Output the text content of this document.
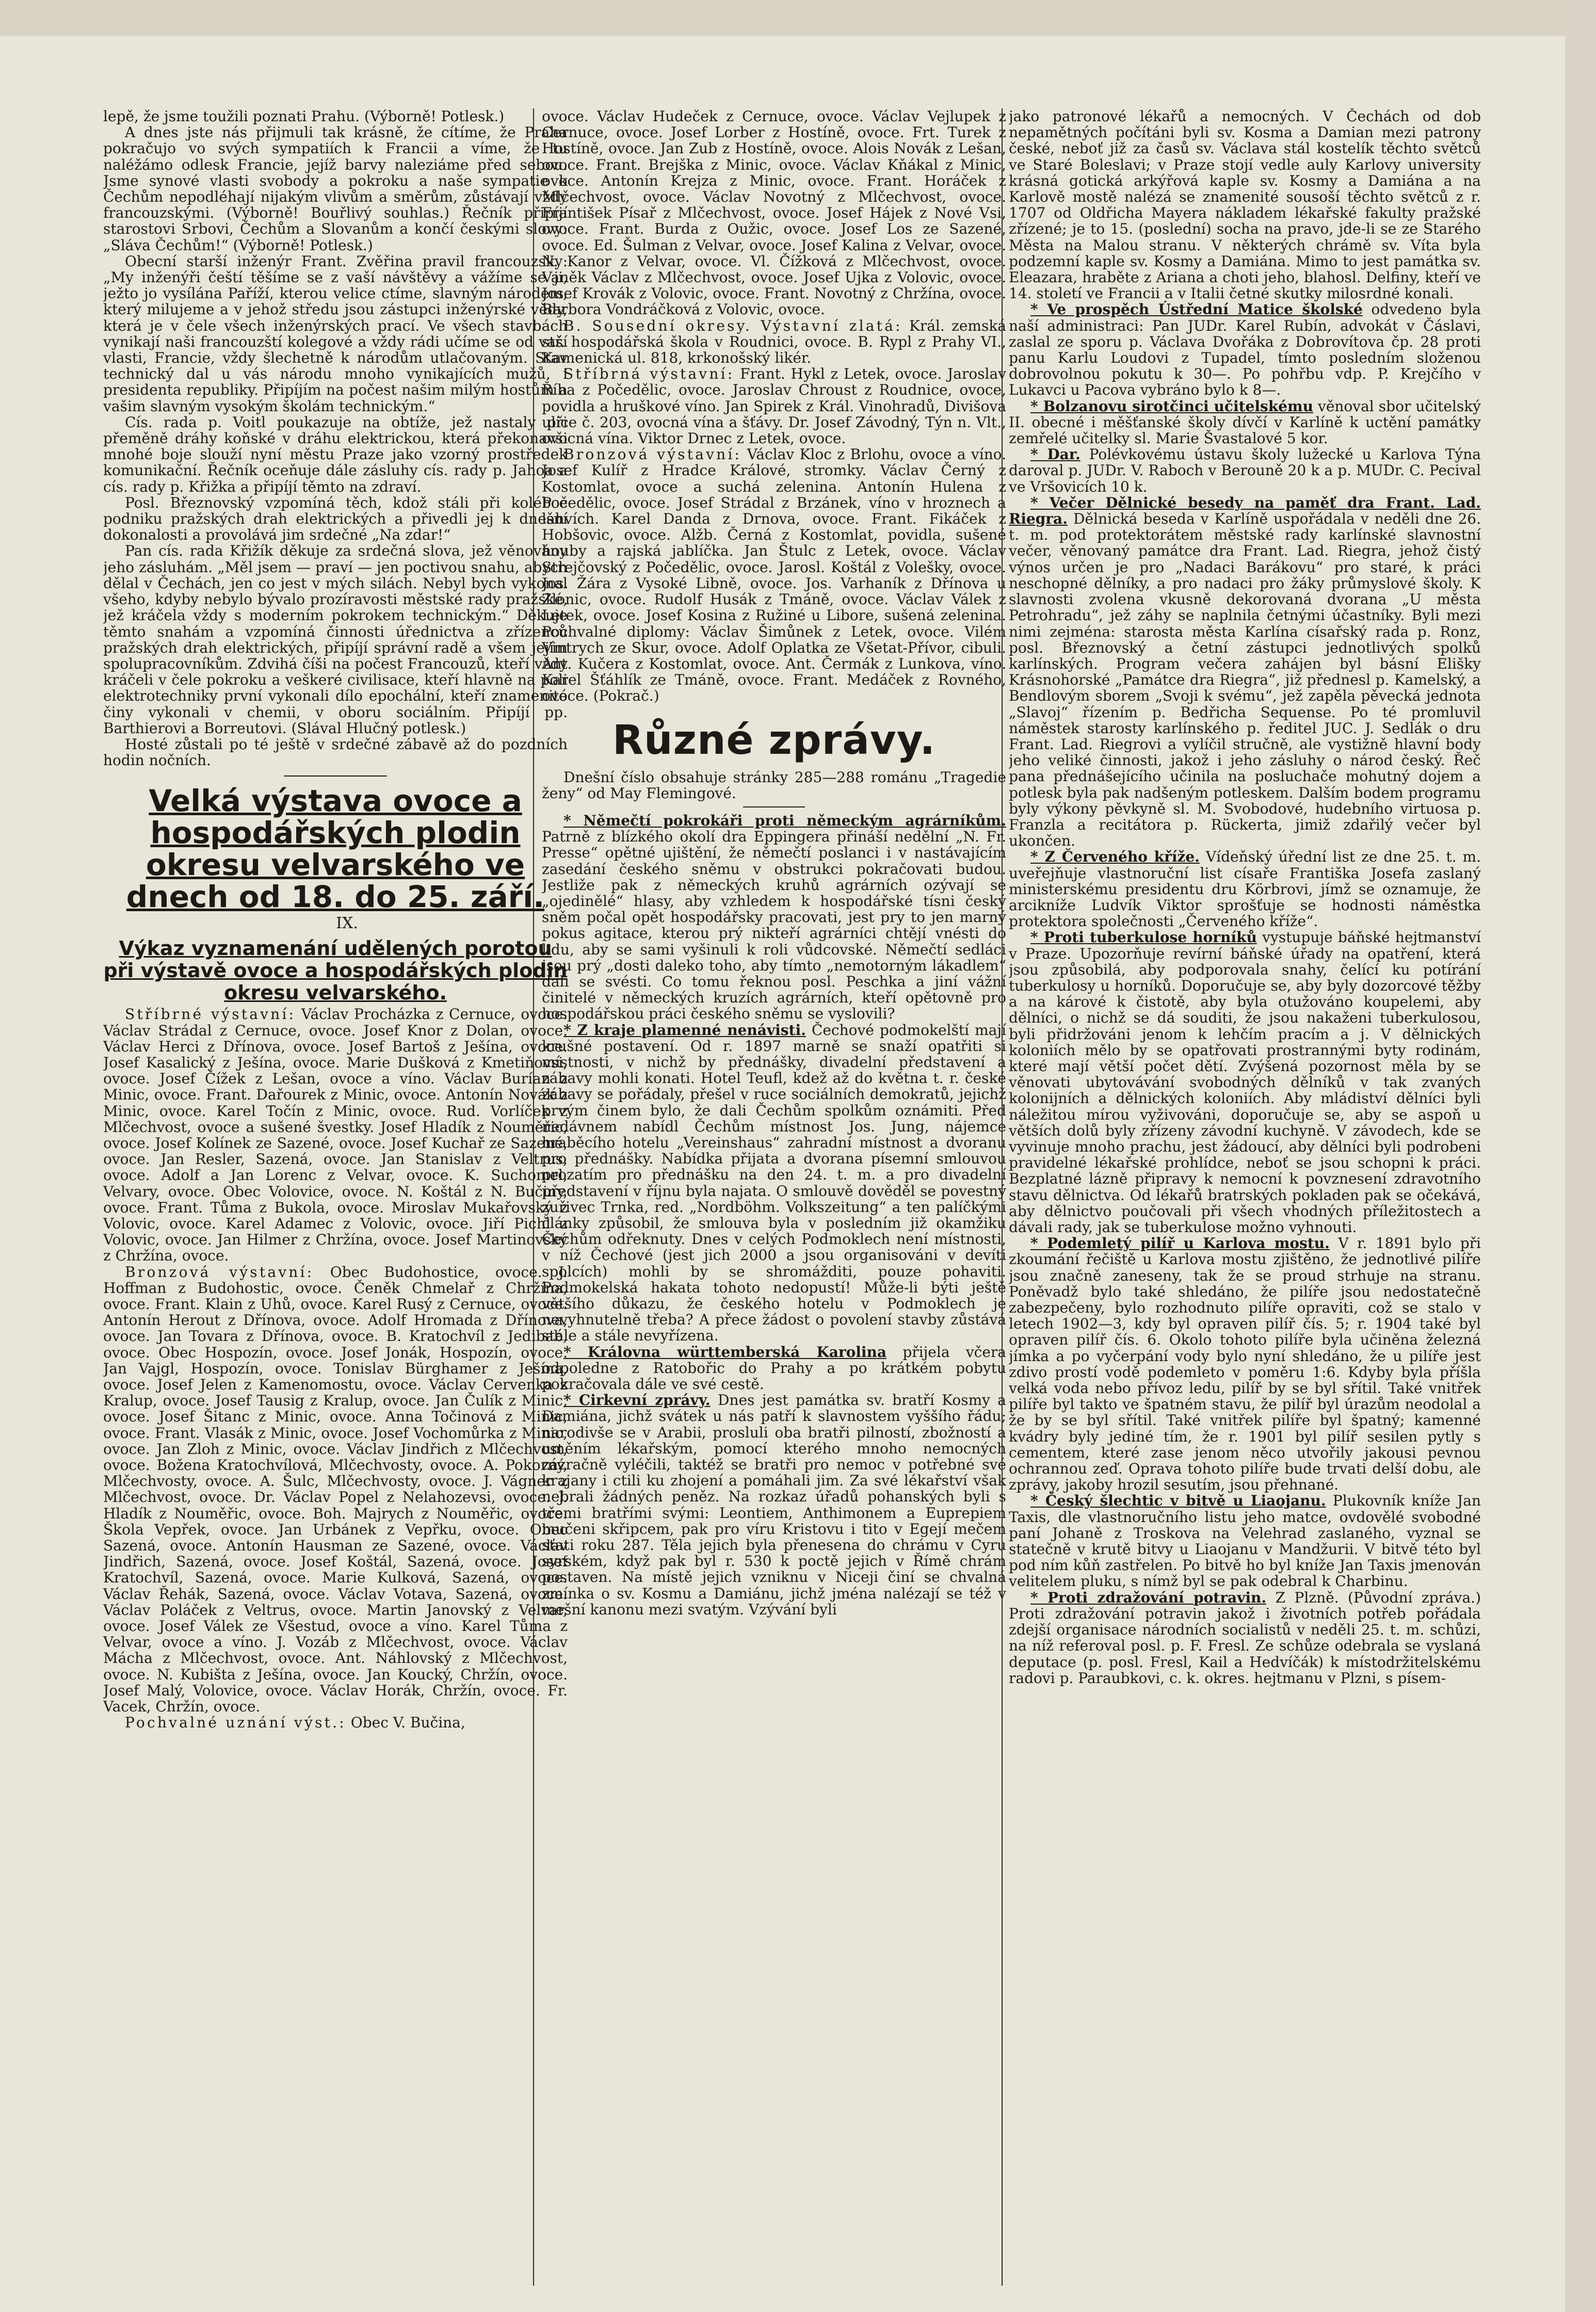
lepě, že jsme toužili poznati Prahu. (Výborně! Potlesk.)

A dnes jste nás přijmuli tak krásně, že cítíme, že Praha pokračujo vo svých sympatiích k Francii a víme, že tu naléžámo odlesk Francie, jejíž barvy naleziáme před sebou. Jsme synové vlasti svobody a pokroku a naše sympatie k Čechům nepodléhají nijakým vlivům a směrům, zůstávají vždy francouzskými. (Výborně! Bouřlivý souhlas.) Řečník připíjí starostovi Srbovi, Čechům a Slovanům a končí českými slovy: „Sláva Čechům!“ (Výborně! Potlesk.)

Obecní starší inženýr Frant. Zvěřina pravil francouzsky: „My inženýři čeští těšíme se z vaší návštěvy a vážíme se ji, ježto jo vysílána Paříží, kterou velice ctíme, slavným národem, který milujeme a v jehož středu jsou zástupci inženýrské vědy, která je v čele všech inženýrských prací. Ve všech stavbách vynikají naši francouzští kolegové a vždy rádi učíme se od vaší vlasti, Francie, vždy šlechetně k národům utlačovaným. Stav technický dal u vás národu mnoho vynikajících mužů, i presidenta republiky. Připíjím na počest našim milým hostům a vašim slavným vysokým školám technickým.“

Cís. rada p. Voitl poukazuje na obtíže, jež nastaly při přeměně dráhy koňské v dráhu elektrickou, která překonavši mnohé boje slouží nyní městu Praze jako vzorný prostředek komunikační. Řečník oceňuje dále zásluhy cís. rady p. Jahoa a cís. rady p. Křižka a připíjí těmto na zdraví.

Posl. Březnovský vzpomíná těch, kdož stáli při kolébce podniku pražských drah elektrických a přivedli jej k dnešní dokonalosti a provolává jim srdečné „Na zdar!“

Pan cís. rada Křižík děkuje za srdečná slova, jež věnovány jeho zásluhám. „Měl jsem — praví — jen poctivou snahu, abych dělal v Čechách, jen co jest v mých silách. Nebyl bych vykonal všeho, kdyby nebylo bývalo prozíravosti městské rady pražské, jež kráčela vždy s moderním pokrokem technickým.“ Děkuje těmto snahám a vzpomíná činnosti úřednictva a zřízenců pražských drah elektrických, připíjí správní radě a všem jejím spolupracovníkům. Zdvihá číši na počest Francouzů, kteří vždy kráčeli v čele pokroku a veškeré civilisace, kteří hlavně na poli elektrotechniky první vykonali dílo epochální, kteří znamenité činy vykonali v chemii, v oboru sociálním. Připíjí pp. Barthierovi a Borreutovi. (Slával Hlučný potlesk.)

Hosté zůstali po té ještě v srdečné zábavě až do pozdních hodin nočních.

Velká výstava ovoce a hospodářských plodin okresu velvarského ve dnech od 18. do 25. září.

IX.

Výkaz vyznamenání udělených porotou při výstavě ovoce a hospodářských plodin okresu velvarského.

Stříbrné výstavní: Václav Procházka z Cernuce, ovoce. Václav Strádal z Cernuce, ovoce. Josef Knor z Dolan, ovoce. Václav Herci z Dřínova, ovoce. Josef Bartoš z Ješína, ovoce. Josef Kasalický z Ješína, ovoce. Marie Dušková z Kmetiňovsi, ovoce. Josef Čížek z Lešan, ovoce a víno. Václav Burían z Minic, ovoce. Frant. Dařourek z Minic, ovoce. Antonín Novák z Minic, ovoce. Karel Točín z Minic, ovoce. Rud. Vorlíček z Mlčechvost, ovoce a sušené švestky. Josef Hladík z Nouměřic, ovoce. Josef Kolínek ze Sazené, ovoce. Josef Kuchař ze Sazené, ovoce. Jan Resler, Sazená, ovoce. Jan Stanislav z Veltrus, ovoce. Adolf a Jan Lorenc z Velvar, ovoce. K. Suchomel, Velvary, ovoce. Obec Volovice, ovoce. N. Koštál z N. Bučiny, ovoce. Frant. Tůma z Bukola, ovoce. Miroslav Mukařovský z Volovic, ovoce. Karel Adamec z Volovic, ovoce. Jiří Pichl z Volovic, ovoce. Jan Hilmer z Chržína, ovoce. Josef Martinovský z Chržína, ovoce.

Bronzová výstavní: Obec Budohostice, ovoce. J. Hoffman z Budohostic, ovoce. Čeněk Chmelař z Chržína, ovoce. Frant. Klain z Uhů, ovoce. Karel Rusý z Cernuce, ovoce. Antonín Herout z Dřínova, ovoce. Adolf Hromada z Dřínova, ovoce. Jan Tovara z Dřínova, ovoce. B. Kratochvíl z Jedibab, ovoce. Obec Hospozín, ovoce. Josef Jonák, Hospozín, ovoce. Jan Vajgl, Hospozín, ovoce. Tonislav Bürghamer z Ješína, ovoce. Josef Jelen z Kamenomostu, ovoce. Václav Cervenka z Kralup, ovoce. Josef Tausig z Kralup, ovoce. Jan Čulík z Minic, ovoce. Josef Šitanc z Minic, ovoce. Anna Točinová z Minic, ovoce. Frant. Vlasák z Minic, ovoce. Josef Vochomůrka z Minic, ovoce. Jan Zloh z Minic, ovoce. Václav Jindřich z Mlčechvost, ovoce. Božena Kratochvílová, Mlčechvosty, ovoce. A. Pokorný, Mlčechvosty, ovoce. A. Šulc, Mlčechvosty, ovoce. J. Vágner z Mlčechvost, ovoce. Dr. Václav Popel z Nelahozevsi, ovoce. J. Hladík z Nouměřic, ovoce. Boh. Majrych z Nouměřic, ovoce. Škola Vepřek, ovoce. Jan Urbánek z Vepřku, ovoce. Obec Sazená, ovoce. Antonín Hausman ze Sazené, ovoce. Václav Jindřich, Sazená, ovoce. Josef Koštál, Sazená, ovoce. Josef Kratochvíl, Sazená, ovoce. Marie Kulková, Sazená, ovoce. Václav Řehák, Sazená, ovoce. Václav Votava, Sazená, ovoce. Václav Poláček z Veltrus, ovoce. Martin Janovský z Velvar, ovoce. Josef Válek ze Všestud, ovoce a víno. Karel Tůma z Velvar, ovoce a víno. J. Vozáb z Mlčechvost, ovoce. Václav Mácha z Mlčechvost, ovoce. Ant. Náhlovský z Mlčechvost, ovoce. N. Kubišta z Ješína, ovoce. Jan Koucký, Chržín, ovoce. Josef Malý, Volovice, ovoce. Václav Horák, Chržín, ovoce. Fr. Vacek, Chržín, ovoce.

Pochvalné uznání výst.: Obec V. Bučina,

ovoce. Václav Hudeček z Cernuce, ovoce. Václav Vejlupek z Cernuce, ovoce. Josef Lorber z Hostíně, ovoce. Frt. Turek z Hostíně, ovoce. Jan Zub z Hostíně, ovoce. Alois Novák z Lešan, ovoce. Frant. Brejška z Minic, ovoce. Václav Kňákal z Minic, ovoce. Antonín Krejza z Minic, ovoce. Frant. Horáček z Mlčechvost, ovoce. Václav Novotný z Mlčechvost, ovoce. František Písař z Mlčechvost, ovoce. Josef Hájek z Nové Vsi, ovoce. Frant. Burda z Oužic, ovoce. Josef Los ze Sazené, ovoce. Ed. Šulman z Velvar, ovoce. Josef Kalina z Velvar, ovoce. N. Kanor z Velvar, ovoce. Vl. Čížková z Mlčechvost, ovoce. Vaněk Václav z Mlčechvost, ovoce. Josef Ujka z Volovic, ovoce. Josef Krovák z Volovic, ovoce. Frant. Novotný z Chržína, ovoce. Barbora Vondráčková z Volovic, ovoce.

B. Sousední okresy. Výstavní zlatá: Král. zemská stř. hospodářská škola v Roudnici, ovoce. B. Rypl z Prahy VI., Kamenická ul. 818, krkonošský likér.

Stříbrná výstavní: Frant. Hykl z Letek, ovoce. Jaroslav Říha z Počedělic, ovoce. Jaroslav Chroust z Roudnice, ovoce, povidla a hruškové víno. Jan Spirek z Král. Vinohradů, Divišova ulice č. 203, ovocná vína a šťávy. Dr. Josef Závodný, Týn n. Vlt., ovocná vína. Viktor Drnec z Letek, ovoce.

Bronzová výstavní: Václav Kloc z Brlohu, ovoce a víno. Josef Kulíř z Hradce Králové, stromky. Václav Černý z Kostomlat, ovoce a suchá zelenina. Antonín Hulena z Počedělic, ovoce. Josef Strádal z Brzánek, víno v hroznech a lahvích. Karel Danda z Drnova, ovoce. Frant. Fikáček z Hobšovic, ovoce. Alžb. Černá z Kostomlat, povidla, sušené houby a rajská jablíčka. Jan Štulc z Letek, ovoce. Václav Strejčovský z Počedělic, ovoce. Jarosl. Koštál z Volešky, ovoce. Jos. Žára z Vysoké Libně, ovoce. Jos. Varhaník z Dřínova u Zlonic, ovoce. Rudolf Husák z Tmáně, ovoce. Václav Válek z Letek, ovoce. Josef Kosina z Ružiné u Libore, sušená zelenina. Pochvalné diplomy: Václav Šimůnek z Letek, ovoce. Vilém Vintrych ze Skur, ovoce. Adolf Oplatka ze Všetat-Přívor, cibuli. Ant. Kučera z Kostomlat, ovoce. Ant. Čermák z Lunkova, víno. Karel Šťáhlík ze Tmáně, ovoce. Frant. Medáček z Rovného, ovoce. (Pokrač.)

Různé zprávy.

Dnešní číslo obsahuje stránky 285—288 románu „Tragedie ženy“ od May Flemingové.

* Němečtí pokrokáři proti německým agrárníkům. Patrně z blízkého okolí dra Eppingera přináší nedělní „N. Fr. Presse“ opětné ujištění, že němečtí poslanci i v nastávajícím zasedání českého sněmu v obstrukci pokračovati budou. Jestliže pak z německých kruhů agrárních ozývají se „ojedinělé“ hlasy, aby vzhledem k hospodářské tísni český sněm počal opět hospodářsky pracovati, jest pry to jen marný pokus agitace, kterou prý nikteří agrárníci chtějí vnésti do lidu, aby se sami vyšinuli k roli vůdcovské. Němečtí sedláci jsou prý „dosti daleko toho, aby tímto „nemotorným lákadlem“ dali se svésti. Co tomu řeknou posl. Peschka a jiní vážní činitelé v německých kruzích agrárních, kteří opětovně pro hospodářskou práci českého sněmu se vyslovili?

* Z kraje plamenné nenávisti. Čechové podmokelští mají krušné postavení. Od r. 1897 marně se snaží opatřiti si místnosti, v nichž by přednášky, divadelní představení a zábavy mohli konati. Hotel Teufl, kdež až do května t. r. české zábavy se pořádaly, přešel v ruce sociálních demokratů, jejichž prvým činem bylo, že dali Čechům spolkům oznámiti. Před nedávnem nabídl Čechům místnost Jos. Jung, nájemce hraběcího hotelu „Vereinshaus“ zahradní místnost a dvoranu pro přednášky. Nabídka přijata a dvorana písemní smlouvou prozatím pro přednášku na den 24. t. m. a pro divadelní představení v říjnu byla najata. O smlouvě dověděl se povestný zuřivec Trnka, red. „Nordböhm. Volkszeitung“ a ten palíčkými články způsobil, že smlouva byla v posledním již okamžiku Čechům odřeknuty. Dnes v celých Podmoklech není místnosti, v níž Čechové (jest jich 2000 a jsou organisováni v devíti spolcích) mohli by se shromážditi, pouze pohaviti. Podmokelská hakata tohoto nedopustí! Může-li býti ještě většího důkazu, že českého hotelu v Podmoklech je nevyhnutelně třeba? A přece žádost o povolení stavby zůstává stále a stále nevyřízena.

* Královna württemberská Karolina přijela včera odpoledne z Ratobořic do Prahy a po krátkém pobytu pokračovala dále ve své cestě.

* Cirkevní zprávy. Dnes jest památka sv. bratří Kosmy a Damiána, jichž svátek u nás patří k slavnostem vyššího řádu; narodivše se v Arabii, prosluli oba bratři pilností, zbožností a uměním lékařským, pomocí kterého mnoho nemocných zázračně vyléčili, taktéž se bratři pro nemoc v potřebné své krajany i ctili ku zhojení a pomáhali jim. Za své lékařství však nebrali žádných peněz. Na rozkaz úřadů pohanských byli s třemi bratřími svými: Leontiem, Anthimonem a Euprepiem mučeni skřipcem, pak pro víru Kristovu i tito v Egejí mečem sťati roku 287. Těla jejich byla přenesena do chrámu v Cyru syrském, když pak byl r. 530 k poctě jejich v Římě chrám postaven. Na místě jejich vzniknu v Niceji činí se chvalná zmínka o sv. Kosmu a Damiánu, jichž jména nalézají se též v mešní kanonu mezi svatým. Vzývání byli

jako patronové lékařů a nemocných. V Čechách od dob nepamětných počítáni byli sv. Kosma a Damian mezi patrony české, neboť již za časů sv. Václava stál kostelík těchto světců ve Staré Boleslavi; v Praze stojí vedle auly Karlovy university krásná gotická arkýřová kaple sv. Kosmy a Damiána a na Karlově mostě nalézá se znamenité sousoší těchto světců z r. 1707 od Oldřicha Mayera nákladem lékařské fakulty pražské zřízené; je to 15. (poslední) socha na pravo, jde-li se ze Starého Města na Malou stranu. V některých chrámě sv. Víta byla podzemní kaple sv. Kosmy a Damiána. Mimo to jest památka sv. Eleazara, hraběte z Ariana a choti jeho, blahosl. Delfiny, kteří ve 14. století ve Francii a v Italii četné skutky milosrdné konali.

* Ve prospěch Ústřední Matice školské odvedeno byla naší administraci: Pan JUDr. Karel Rubín, advokát v Čáslavi, zaslal ze sporu p. Václava Dvořáka z Dobrovítova čp. 28 proti panu Karlu Loudovi z Tupadel, tímto posledním složenou dobrovolnou pokutu k 30—. Po pohřbu vdp. P. Krejčího v Lukavci u Pacova vybráno bylo k 8—.

* Bolzanovu sirotčinci učitelskému věnoval sbor učitelský II. obecné i měšťanské školy dívčí v Karlíně k uctění památky zemřelé učitelky sl. Marie Švastalové 5 kor.

* Dar. Polévkovému ústavu školy lužecké u Karlova Týna daroval p. JUDr. V. Raboch v Berouně 20 k a p. MUDr. C. Pecival ve Vršovicích 10 k.

* Večer Dělnické besedy na paměť dra Frant. Lad. Riegra. Dělnická beseda v Karlíně uspořádala v neděli dne 26. t. m. pod protektorátem městské rady karlínské slavnostní večer, věnovaný památce dra Frant. Lad. Riegra, jehož čistý výnos určen je pro „Nadaci Barákovu“ pro staré, k práci neschopné dělníky, a pro nadaci pro žáky průmyslové školy. K slavnosti zvolena vkusně dekorovaná dvorana „U města Petrohradu“, jež záhy se naplnila četnými účastníky. Byli mezi nimi zejména: starosta města Karlína císařský rada p. Ronz, posl. Březnovský a četní zástupci jednotlivých spolků karlínských. Program večera zahájen byl básní Elišky Krásnohorské „Památce dra Riegra“, již přednesl p. Kamelský, a Bendlovým sborem „Svoji k svému“, jež zapěla pěvecká jednota „Slavoj“ řízením p. Bedřicha Sequense. Po té promluvil náměstek starosty karlínského p. ředitel JUC. J. Sedlák o dru Frant. Lad. Riegrovi a vylíčil stručně, ale vystižně hlavní body jeho veliké činnosti, jakož i jeho zásluhy o národ český. Řeč pana přednášejícího učinila na posluchače mohutný dojem a potlesk byla pak nadšeným potleskem. Dalším bodem programu byly výkony pěvkyně sl. M. Svobodové, hudebního virtuosa p. Franzla a recitátora p. Rückerta, jimiž zdařilý večer byl ukončen.

* Z Červeného kříže. Vídeňský úřední list ze dne 25. t. m. uveřejňuje vlastnoruční list císaře Františka Josefa zaslaný ministerskému presidentu dru Körbrovi, jímž se oznamuje, že arcikníže Ludvík Viktor sprošťuje se hodnosti náměstka protektora společnosti „Červeného kříže“.

* Proti tuberkulose horníků vystupuje báňské hejtmanství v Praze. Upozorňuje revírní báňské úřady na opatření, která jsou způsobilá, aby podporovala snahy, čelící ku potírání tuberkulosy u horníků. Doporučuje se, aby byly dozorcové těžby a na kárové k čistotě, aby byla otužováno koupelemi, aby dělníci, o nichž se dá souditi, že jsou nakaženi tuberkulosou, byli přidržováni jenom k lehčím pracím a j. V dělnických koloniích mělo by se opatřovati prostrannými byty rodinám, které mají větší počet dětí. Zvýšená pozornost měla by se věnovati ubytovávání svobodných dělníků v tak zvaných kolonijních a dělnických koloniích. Aby mládiství dělníci byli náležitou mírou vyživováni, doporučuje se, aby se aspoň u větších dolů byly zřízeny závodní kuchyně. V závodech, kde se vyvinuje mnoho prachu, jest žádoucí, aby dělníci byli podrobeni pravidelné lékařské prohlídce, neboť se jsou schopni k práci. Bezplatné lázně připravy k nemocní k povznesení zdravotního stavu dělnictva. Od lékařů bratrských pokladen pak se očekává, aby dělnictvo poučovali při všech vhodných příležitostech a dávali rady, jak se tuberkulose možno vyhnouti.

* Podemletý pilíř u Karlova mostu. V r. 1891 bylo při zkoumání řečiště u Karlova mostu zjištěno, že jednotlivé pilíře jsou značně zaneseny, tak že se proud strhuje na stranu. Poněvadž bylo také shledáno, že pilíře jsou nedostatečně zabezpečeny, bylo rozhodnuto pilíře opraviti, což se stalo v letech 1902—3, kdy byl opraven pilíř čís. 5; r. 1904 také byl opraven pilíř čís. 6. Okolo tohoto pilíře byla učiněna železná jímka a po vyčerpání vody bylo nyní shledáno, že u pilíře jest zdivo prostí vodě podemleto v poměru 1:6. Kdyby byla příšla velká voda nebo přívoz ledu, pilíř by se byl sřítil. Také vnitřek pilíře byl takto ve špatném stavu, že pilíř byl úrazům neodolal a že by se byl sřítil. Také vnitřek pilíře byl špatný; kamenné kvádry byly jediné tím, že r. 1901 byl pilíř sesilen pytly s cementem, které zase jenom něco utvořily jakousi pevnou ochrannou zeď. Oprava tohoto pilíře bude trvati delší dobu, ale zprávy, jakoby hrozil sesutím, jsou přehnané.

* Český šlechtic v bitvě u Liaojanu. Plukovník kníže Jan Taxis, dle vlastnoručního listu jeho matce, ovdovělé svobodné paní Johaně z Troskova na Velehrad zaslaného, vyznal se statečně v krutě bitvy u Liaojanu v Mandžurii. V bitvě této byl pod ním kůň zastřelen. Po bitvě ho byl kníže Jan Taxis jmenován velitelem pluku, s nímž byl se pak odebral k Charbinu.

* Proti zdražování potravin. Z Plzně. (Původní zpráva.) Proti zdražování potravin jakož i životních potřeb pořádala zdejší organisace národních socialistů v neděli 25. t. m. schůzi, na níž referoval posl. p. F. Fresl. Ze schůze odebrala se vyslaná deputace (p. posl. Fresl, Kail a Hedvíčák) k místodržitelskému radovi p. Paraubkovi, c. k. okres. hejtmanu v Plzni, s písem-
